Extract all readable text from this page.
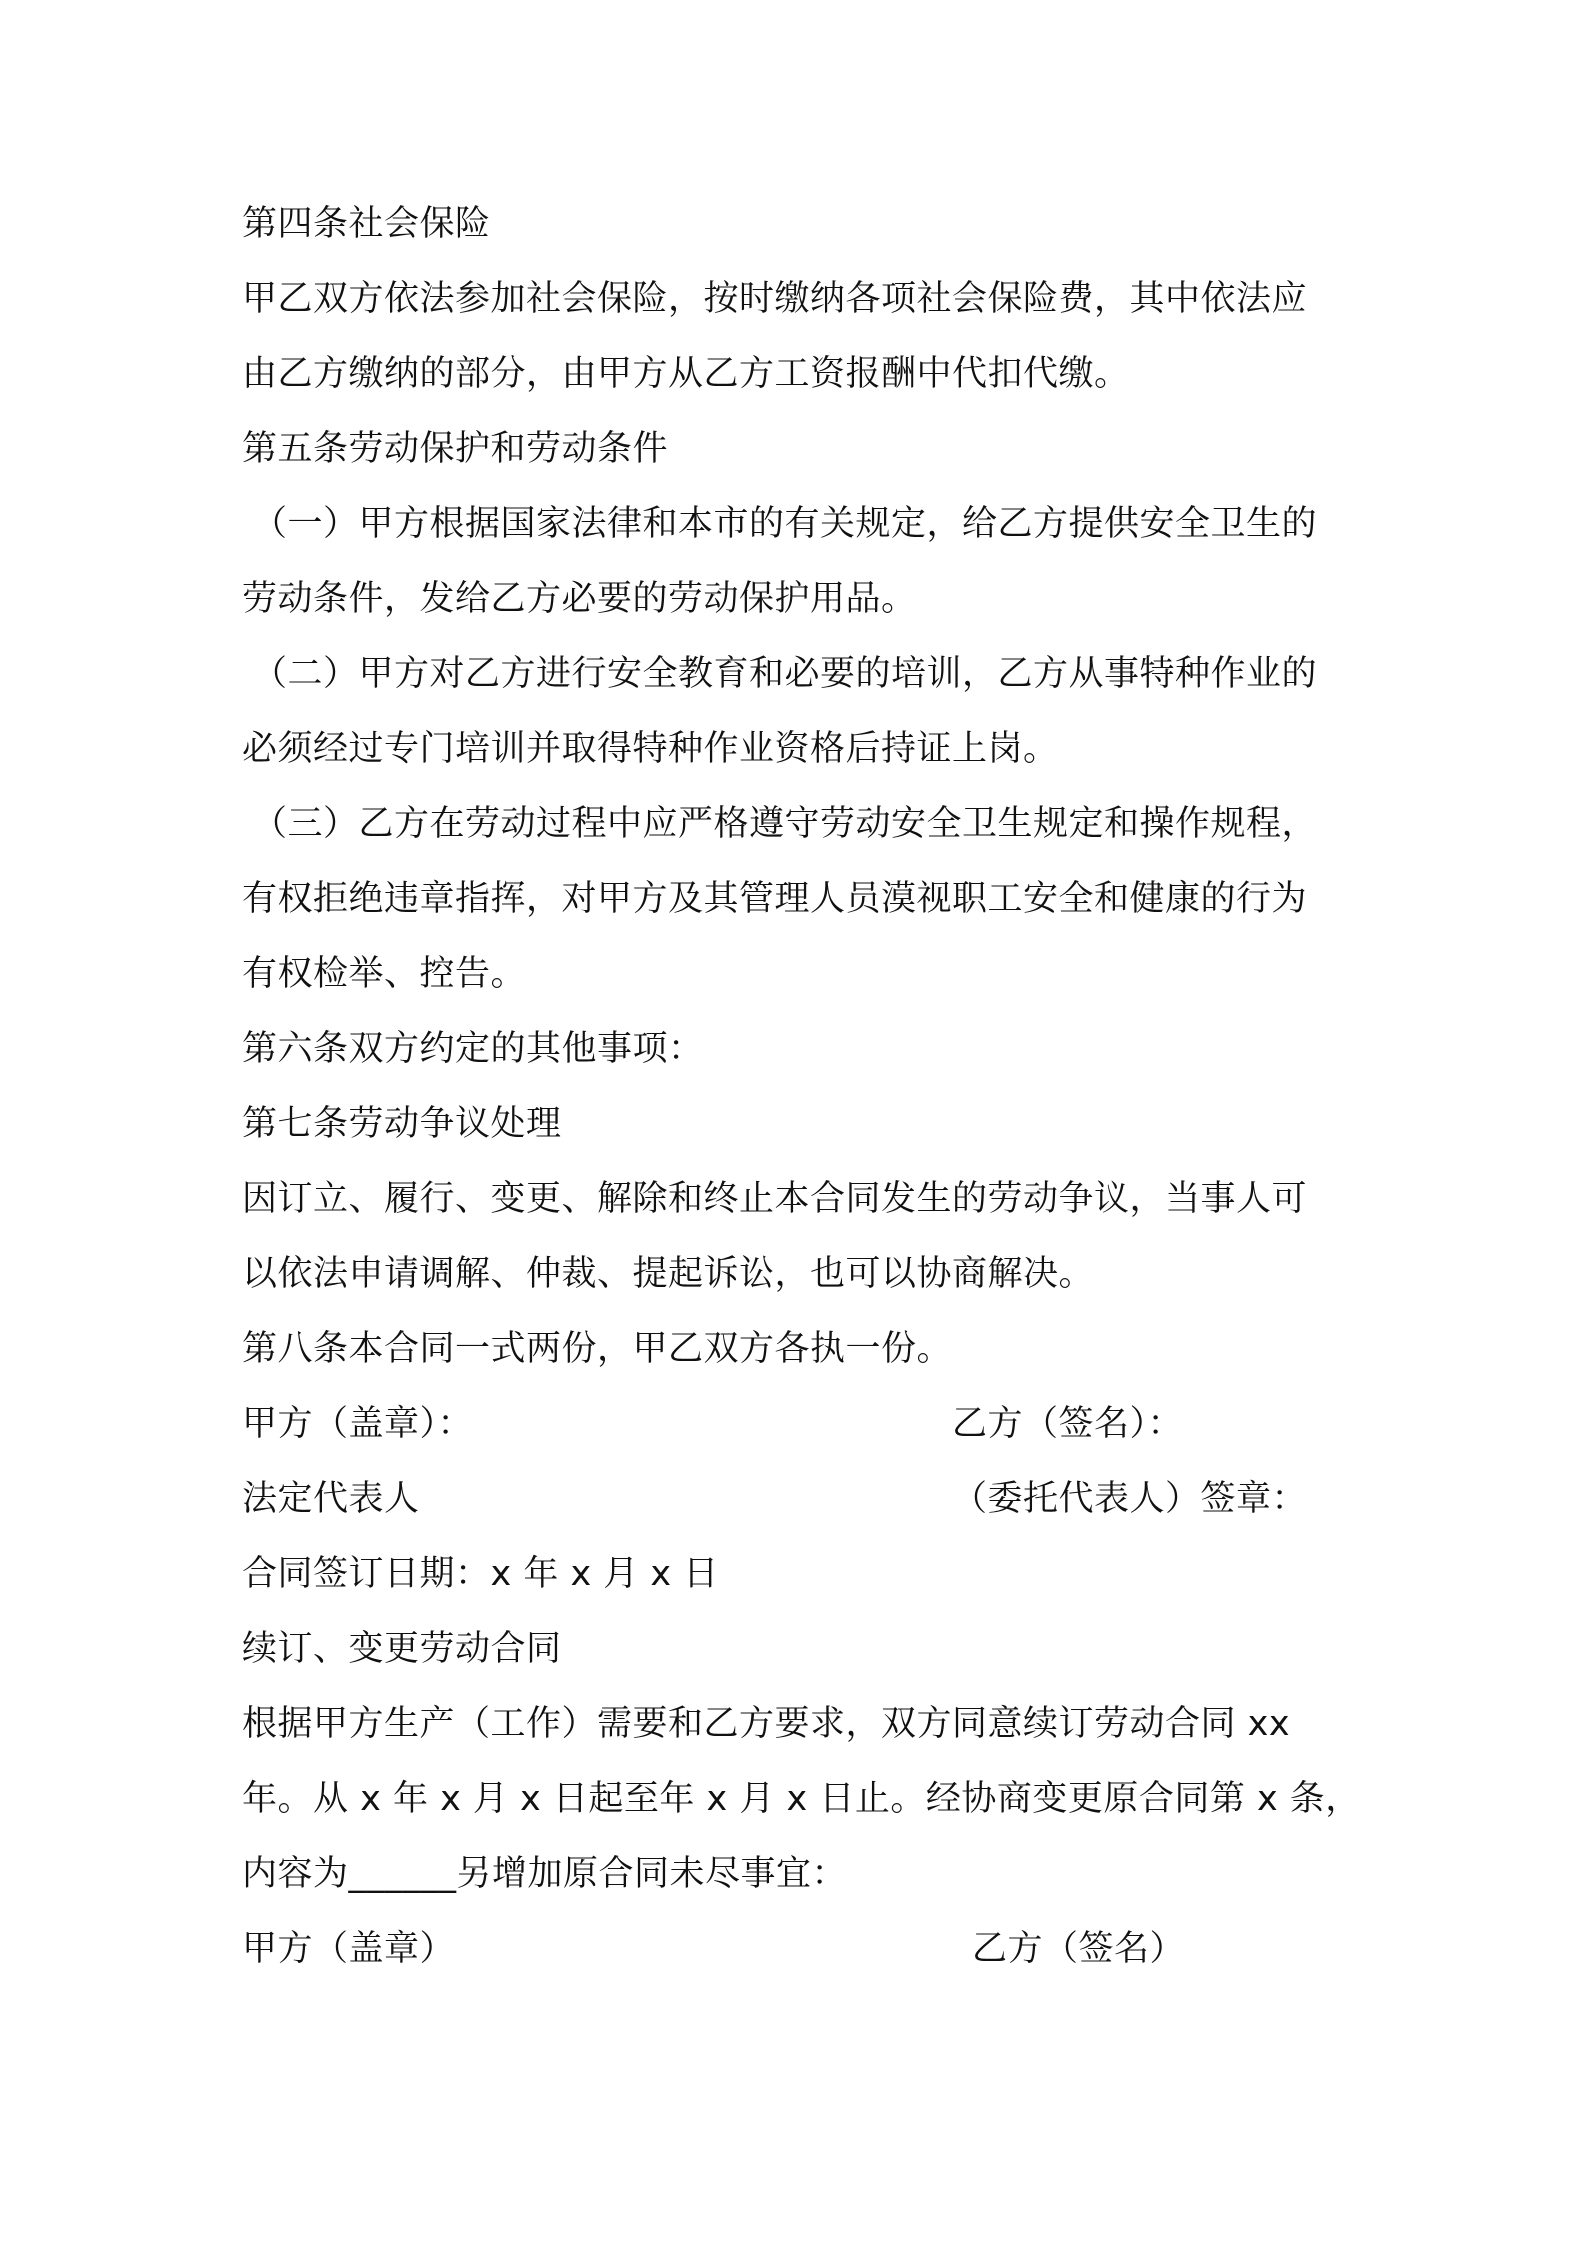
第四条社会保险
甲乙双方依法参加社会保险，按时缴纳各项社会保险费，其中依法应
由乙方缴纳的部分，由甲方从乙方工资报酬中代扣代缴。
第五条劳动保护和劳动条件
（一）甲方根据国家法律和本市的有关规定，给乙方提供安全卫生的
劳动条件，发给乙方必要的劳动保护用品。
（二）甲方对乙方进行安全教育和必要的培训，乙方从事特种作业的
必须经过专门培训并取得特种作业资格后持证上岗。
（三）乙方在劳动过程中应严格遵守劳动安全卫生规定和操作规程，
有权拒绝违章指挥，对甲方及其管理人员漠视职工安全和健康的行为
有权检举、控告。
第六条双方约定的其他事项：
第七条劳动争议处理
因订立、履行、变更、解除和终止本合同发生的劳动争议，当事人可
以依法申请调解、仲裁、提起诉讼，也可以协商解决。
第八条本合同一式两份，甲乙双方各执一份。
甲方（盖章）：	乙方（签名）：
法定代表人	（委托代表人）签章：
合同签订日期：x 年 x 月 x 日
续订、变更劳动合同
根据甲方生产（工作）需要和乙方要求，双方同意续订劳动合同 xx
年。从 x 年 x 月 x 日起至年 x 月 x 日止。经协商变更原合同第 x 条，
内容为______另增加原合同未尽事宜：
甲方（盖章）	乙方（签名）
